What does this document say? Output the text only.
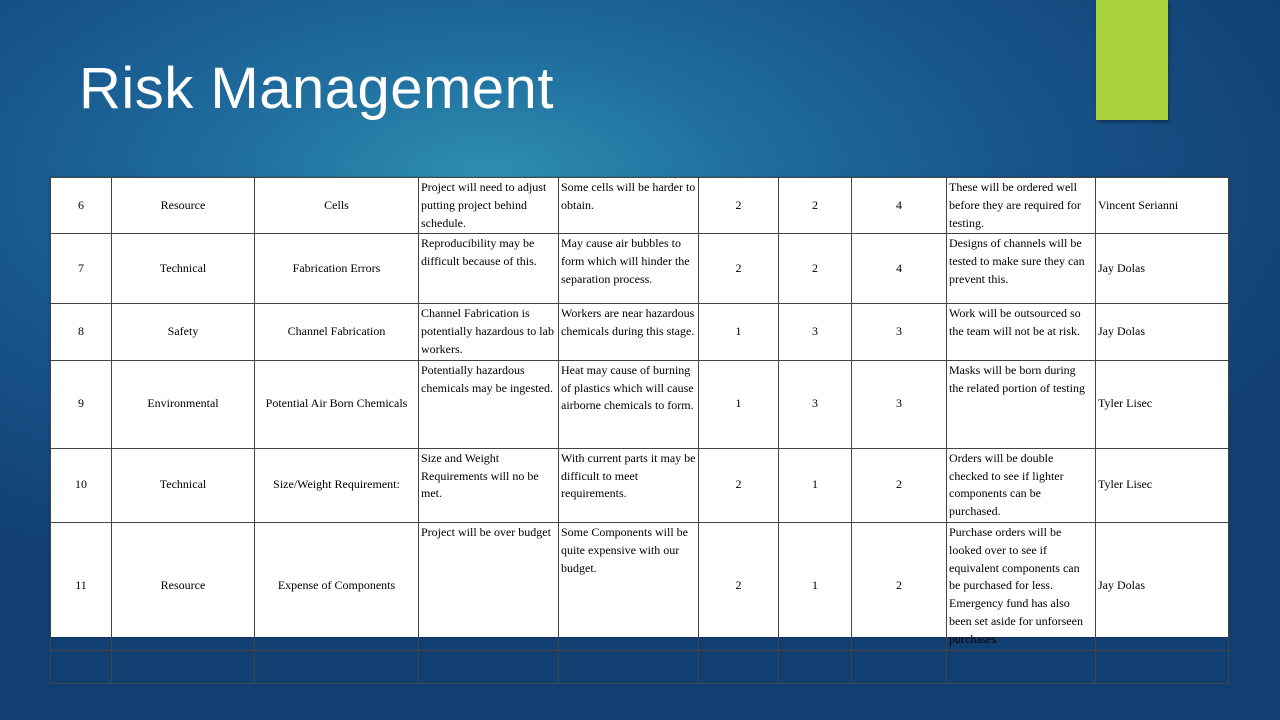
Risk Management
6	Resource	Cells	Project will need to adjust putting project behind schedule.	Some cells will be harder to obtain.	2	2	4	These will be ordered well before they are required for testing.	Vincent Serianni
7	Technical	Fabrication Errors	Reproducibility may be difficult because of this.	May cause air bubbles to form which will hinder the separation process.	2	2	4	Designs of channels will be tested to make sure they can prevent this.	Jay Dolas
8	Safety	Channel Fabrication	Channel Fabrication is potentially hazardous to lab workers.	Workers are near hazardous chemicals during this stage.	1	3	3	Work will be outsourced so the team will not be at risk.	Jay Dolas
9	Environmental	Potential Air Born Chemicals	Potentially hazardous chemicals may be ingested.	Heat may cause of burning of plastics which will cause airborne chemicals to form.	1	3	3	Masks will be born during the related portion of testing	Tyler Lisec
10	Technical	Size/Weight Requirement:	Size and Weight Requirements will no be met.	With current parts it may be difficult to meet requirements.	2	1	2	Orders will be double checked to see if lighter components can be purchased.	Tyler Lisec
11	Resource	Expense of Components	Project will be over budget	Some Components will be quite expensive with our budget.	2	1	2	Purchase orders will be looked over to see if equivalent components can be purchased for less. Emergency fund has also been set aside for unforseen purchases	Jay Dolas
